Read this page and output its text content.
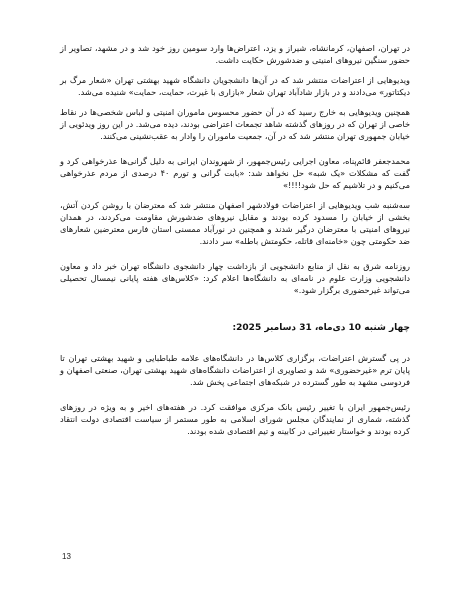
در تهران، اصفهان، کرمانشاه، شیراز و یزد، اعتراض‌ها وارد سومین روز خود شد و در مشهد، تصاویر از حضور سنگین نیروهای امنیتی و ضدشورش حکایت داشت.

ویدیوهایی از اعتراضات منتشر شد که در آن‌ها دانشجویان دانشگاه شهید بهشتی تهران «شعار مرگ بر دیکتاتور» می‌دادند و در بازار شادآباد تهران شعار «بازاری با غیرت، حمایت، حمایت» شنیده می‌شد.

همچنین ویدیوهایی به خارج رسید که در آن حضور محسوس ماموران امنیتی و لباس شخصی‌ها در نقاط خاصی از تهران که در روزهای گذشته شاهد تجمعات اعتراضی بودند، دیده می‌شد. در این روز ویدئویی از خیابان جمهوری تهران منتشر شد که در آن، جمعیت ماموران را وادار به عقب‌نشینی می‌کنند.

محمدجعفر قائم‌پناه، معاون اجرایی رئیس‌جمهور، از شهروندان ایرانی به دلیل گرانی‌ها عذرخواهی کرد و گفت که مشکلات «یک شبه» حل نخواهد شد: «بابت گرانی و تورم ۴۰ درصدی از مردم عذرخواهی می‌کنیم و در تلاشیم که حل شود!!!!»

سه‌شنبه شب ویدیوهایی از اعتراضات فولادشهر اصفهان منتشر شد که معترضان با روشن کردن آتش، بخشی از خیابان را مسدود کرده بودند و مقابل نیروهای ضدشورش مقاومت می‌کردند، در همدان نیروهای امنیتی با معترضان درگیر شدند و همچنین در نورآباد ممسنی استان فارس معترضین شعارهای ضد حکومتی چون «خامنه‌ای قاتله، حکومتش باطله» سر دادند.

روزنامه شرق به نقل از منابع دانشجویی از بازداشت چهار دانشجوی دانشگاه تهران خبر داد و معاون دانشجویی وزارت علوم در نامه‌ای به دانشگاه‌ها اعلام کرد: «کلاس‌های هفته پایانی نیمسال تحصیلی می‌تواند غیرحضوری برگزار شود.»

چهار شنبه 10 دی‌ماه، 31 دسامبر 2025:

در پی گسترش اعتراضات، برگزاری کلاس‌ها در دانشگاه‌های علامه طباطبایی و شهید بهشتی تهران تا پایان ترم «غیرحضوری» شد و تصاویری از اعتراضات دانشگاه‌های شهید بهشتی تهران، صنعتی اصفهان و فردوسی مشهد به طور گسترده در شبکه‌های اجتماعی پخش شد.

رئیس‌جمهور ایران با تغییر رئیس بانک مرکزی موافقت کرد. در هفته‌های اخیر و به ویژه در روزهای گذشته، شماری از نمایندگان مجلس شورای اسلامی به طور مستمر از سیاست اقتصادی دولت انتقاد کرده بودند و خواستار تغییراتی در کابینه و تیم اقتصادی شده بودند.

13
